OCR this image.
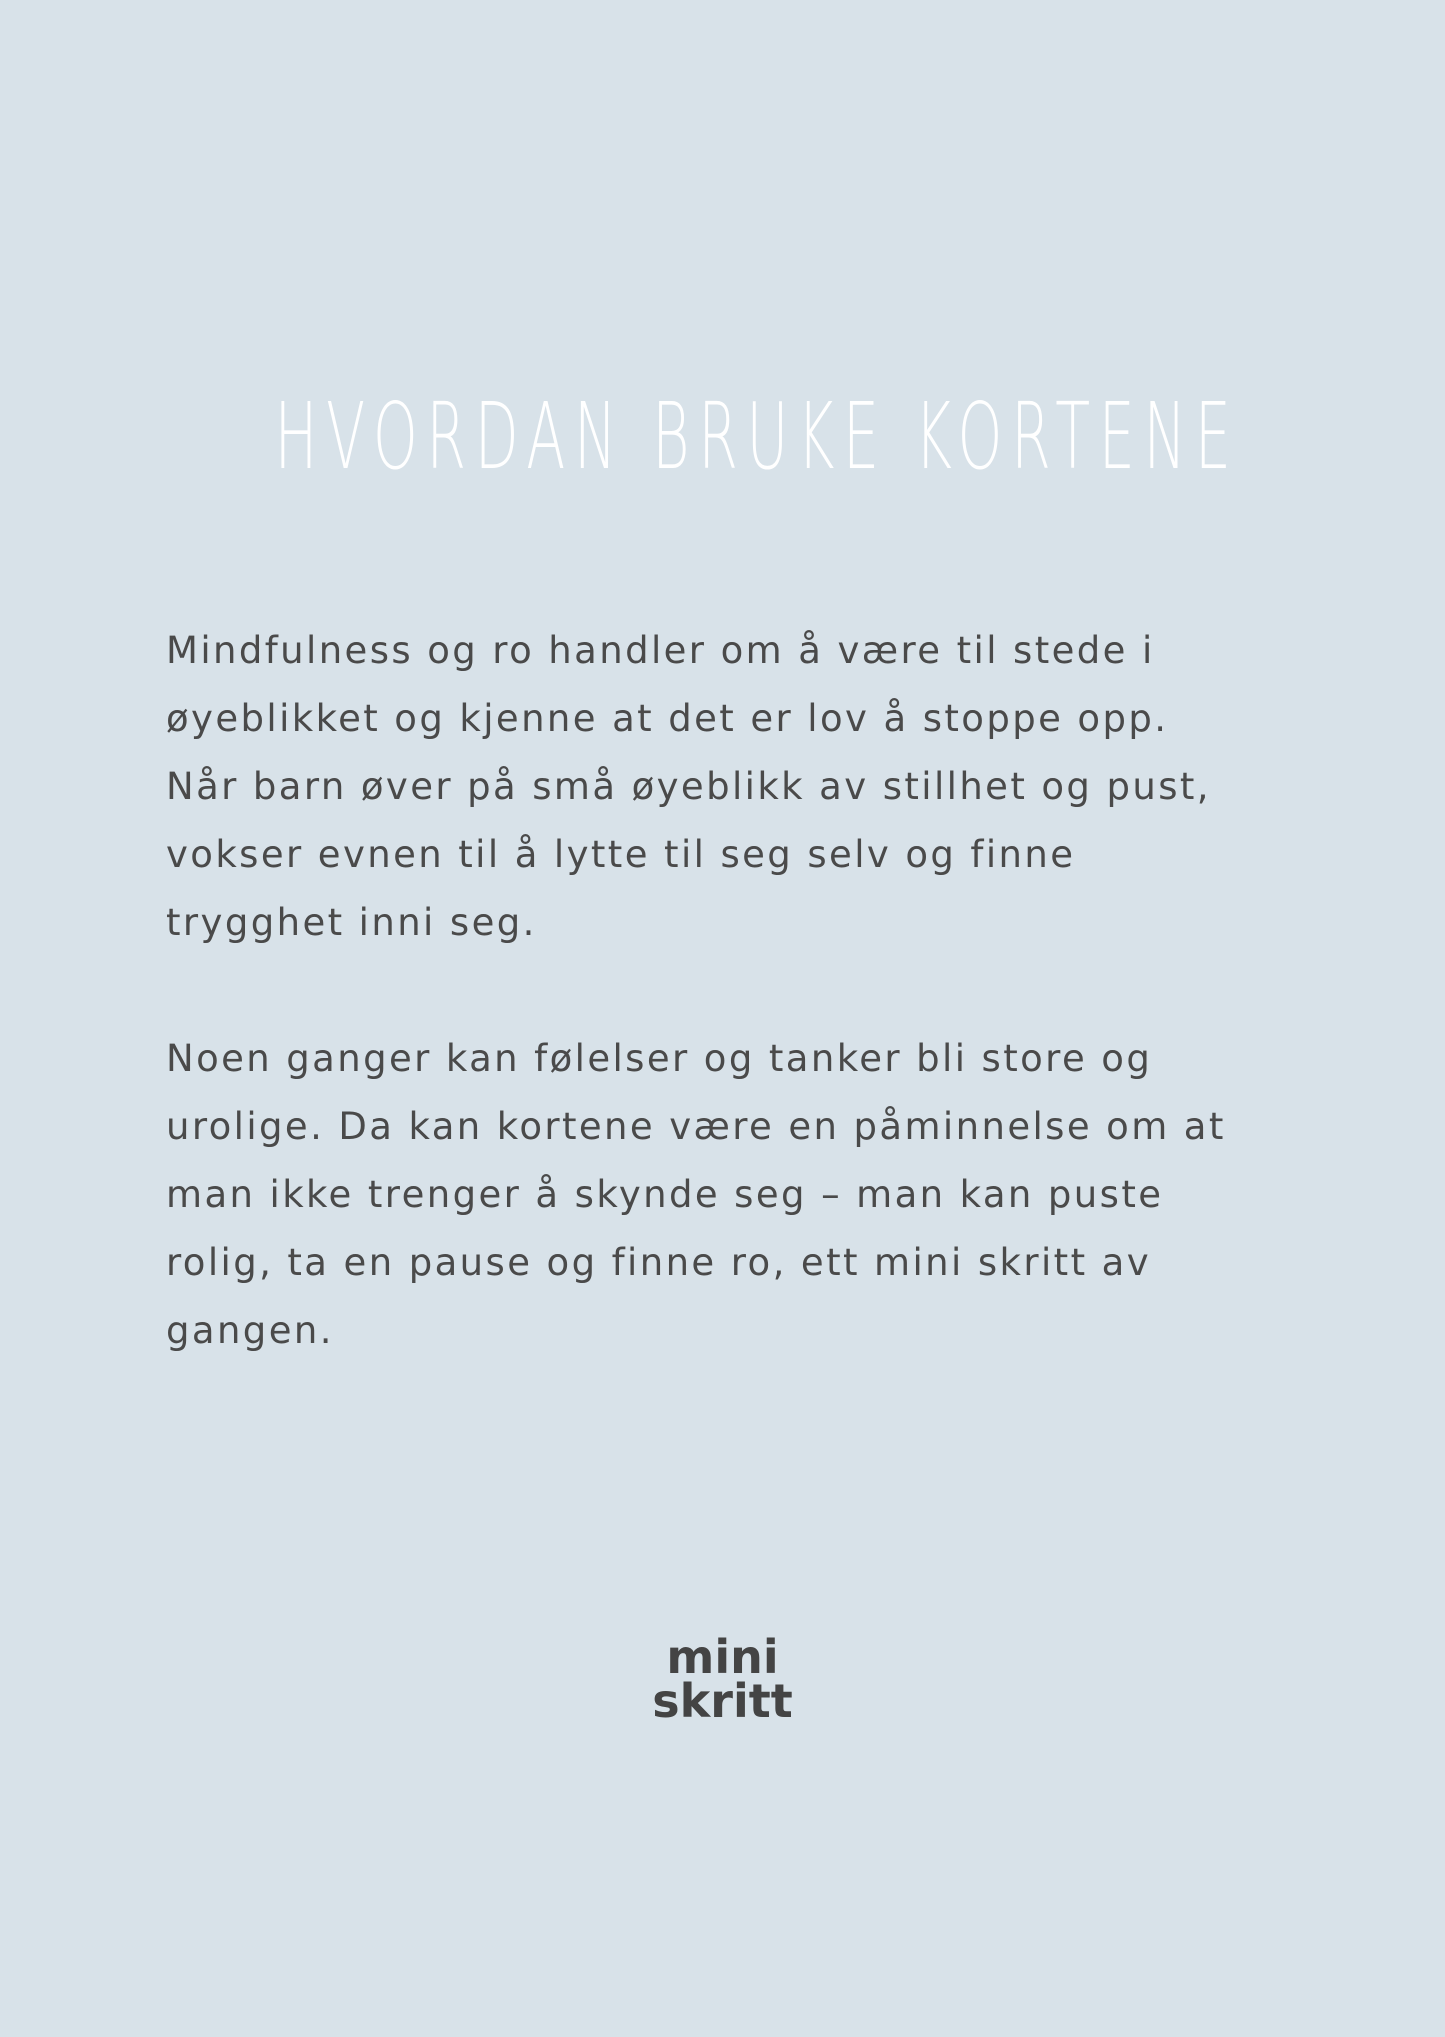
HVORDAN BRUKE KORTENE

Mindfulness og ro handler om å være til stede i
øyeblikket og kjenne at det er lov å stoppe opp.
Når barn øver på små øyeblikk av stillhet og pust,
vokser evnen til å lytte til seg selv og finne
trygghet inni seg.

Noen ganger kan følelser og tanker bli store og
urolige. Da kan kortene være en påminnelse om at
man ikke trenger å skynde seg – man kan puste
rolig, ta en pause og finne ro, ett mini skritt av
gangen.

mini
skritt
